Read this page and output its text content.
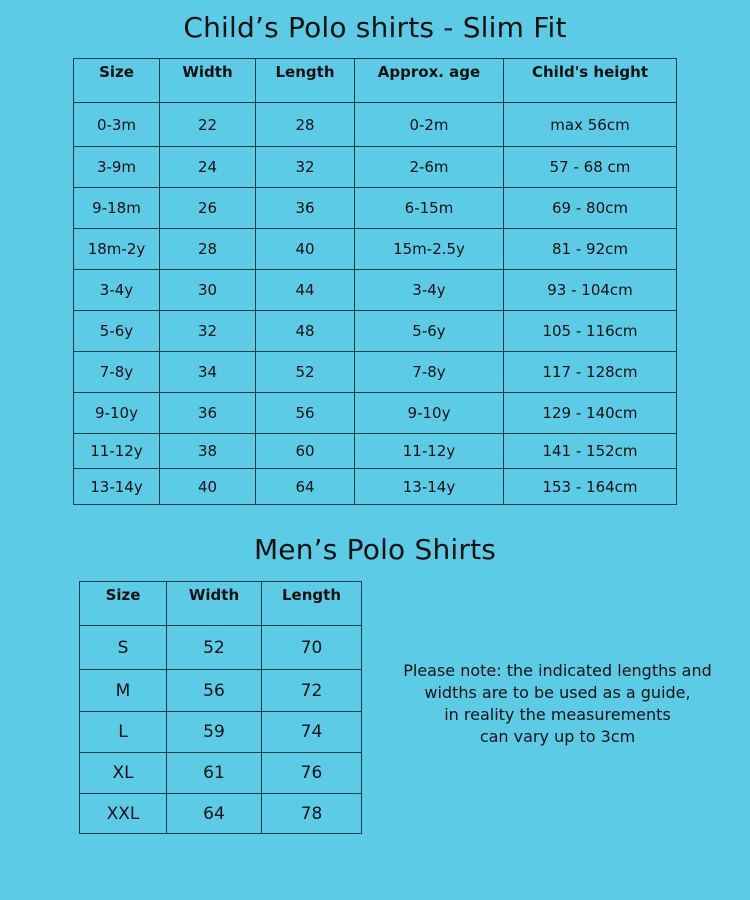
Child’s Polo shirts - Slim Fit
Size	Width	Length	Approx. age	Child's height
0-3m	22	28	0-2m	max 56cm
3-9m	24	32	2-6m	57 - 68 cm
9-18m	26	36	6-15m	69 - 80cm
18m-2y	28	40	15m-2.5y	81 - 92cm
3-4y	30	44	3-4y	93 - 104cm
5-6y	32	48	5-6y	105 - 116cm
7-8y	34	52	7-8y	117 - 128cm
9-10y	36	56	9-10y	129 - 140cm
11-12y	38	60	11-12y	141 - 152cm
13-14y	40	64	13-14y	153 - 164cm
Men’s Polo Shirts
Size	Width	Length
S	52	70
M	56	72
L	59	74
XL	61	76
XXL	64	78
Please note: the indicated lengths and
widths are to be used as a guide,
in reality the measurements
can vary up to 3cm
